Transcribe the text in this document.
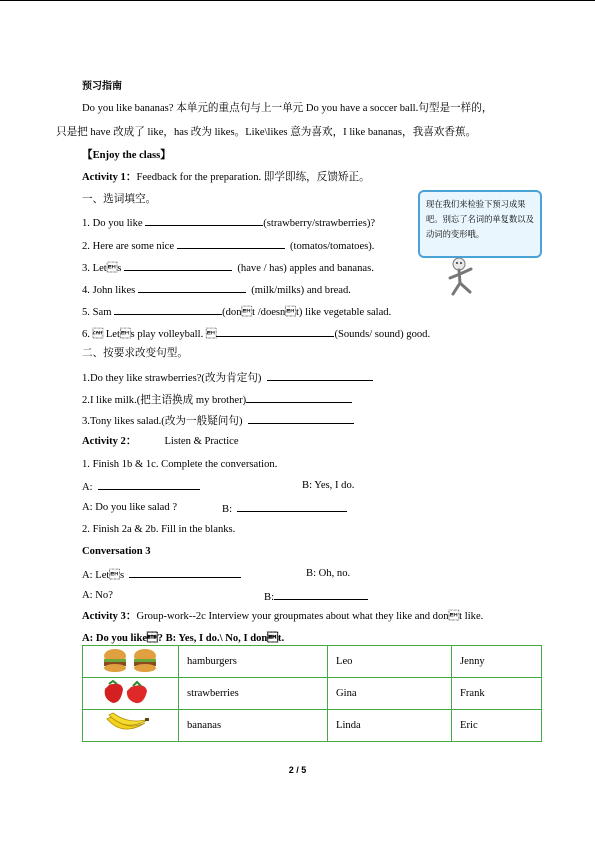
预习指南
Do you like bananas? 本单元的重点句与上一单元 Do you have a soccer ball.句型是一样的，
只是把 have 改成了 like，has 改为 likes。Like\likes 意为喜欢，I like bananas，我喜欢香蕉。
【Enjoy the class】
Activity 1：Feedback for the preparation. 即学即练，反馈矫正。
一、选词填空。
1. Do you like	(strawberry/strawberries)?
2. Here are some nice	(tomatos/tomatoes).
3. Lets	(have / has) apples and bananas.
4. John likes	(milk/milks) and bread.
5. Sam	(dont /doesnt) like vegetable salad.
6.  Lets play volleyball. 	(Sounds/ sound) good.
二、按要求改变句型。
1.Do they like strawberries?(改为肯定句)
2.I like milk.(把主语换成 my brother)
3.Tony likes salad.(改为一般疑问句)
Activity 2：	Listen & Practice
1. Finish 1b & 1c. Complete the conversation.
A:	B: Yes, I do.
A: Do you like salad ?	B:
2. Finish 2a & 2b. Fill in the blanks.
Conversation 3
A: Lets	B: Oh, no.
A: No?	B:
Activity 3：Group-work--2c Interview your groupmates about what they like and dont like.
A: Do you like? B: Yes, I do.\ No, I dont.
现在我们来检验下预习成果吧。别忘了名词的单复数以及动词的变形哦。
	hamburgers	Leo	Jenny
	strawberries	Gina	Frank
	bananas	Linda	Eric
2 / 5
